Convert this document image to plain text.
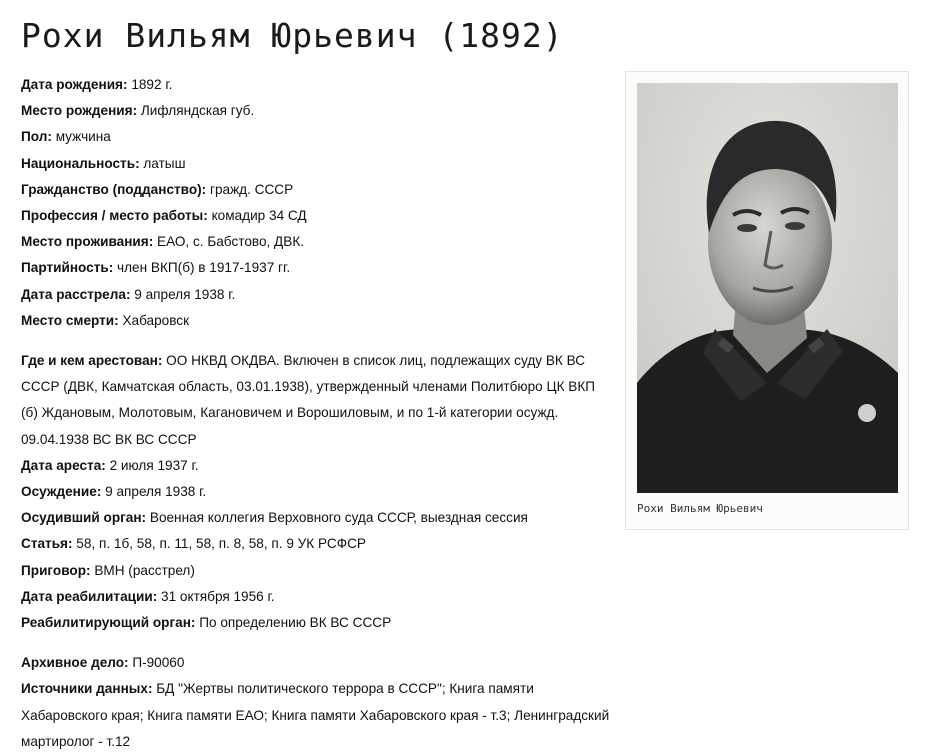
Рохи Вильям Юрьевич (1892)
Дата рождения: 1892 г.
Место рождения: Лифляндская губ.
Пол: мужчина
Национальность: латыш
Гражданство (подданство): гражд. СССР
Профессия / место работы: комадир 34 СД
Место проживания: ЕАО, с. Бабстово, ДВК.
Партийность: член ВКП(б) в 1917-1937 гг.
Дата расстрела: 9 апреля 1938 г.
Место смерти: Хабаровск
Где и кем арестован: ОО НКВД ОКДВА. Включен в список лиц, подлежащих суду ВК ВС СССР (ДВК, Камчатская область, 03.01.1938), утвержденный членами Политбюро ЦК ВКП (б) Ждановым, Молотовым, Кагановичем и Ворошиловым, и по 1-й категории осужд. 09.04.1938 ВС ВК ВС СССР
Дата ареста: 2 июля 1937 г.
Осуждение: 9 апреля 1938 г.
Осудивший орган: Военная коллегия Верховного суда СССР, выездная сессия
Статья: 58, п. 1б, 58, п. 11, 58, п. 8, 58, п. 9 УК РСФСР
Приговор: ВМН (расстрел)
Дата реабилитации: 31 октября 1956 г.
Реабилитирующий орган: По определению ВК ВС СССР
Архивное дело: П-90060
Источники данных: БД "Жертвы политического террора в СССР"; Книга памяти Хабаровского края; Книга памяти ЕАО; Книга памяти Хабаровского края - т.3; Ленинградский мартиролог - т.12
Рохи Вильям Юрьевич
